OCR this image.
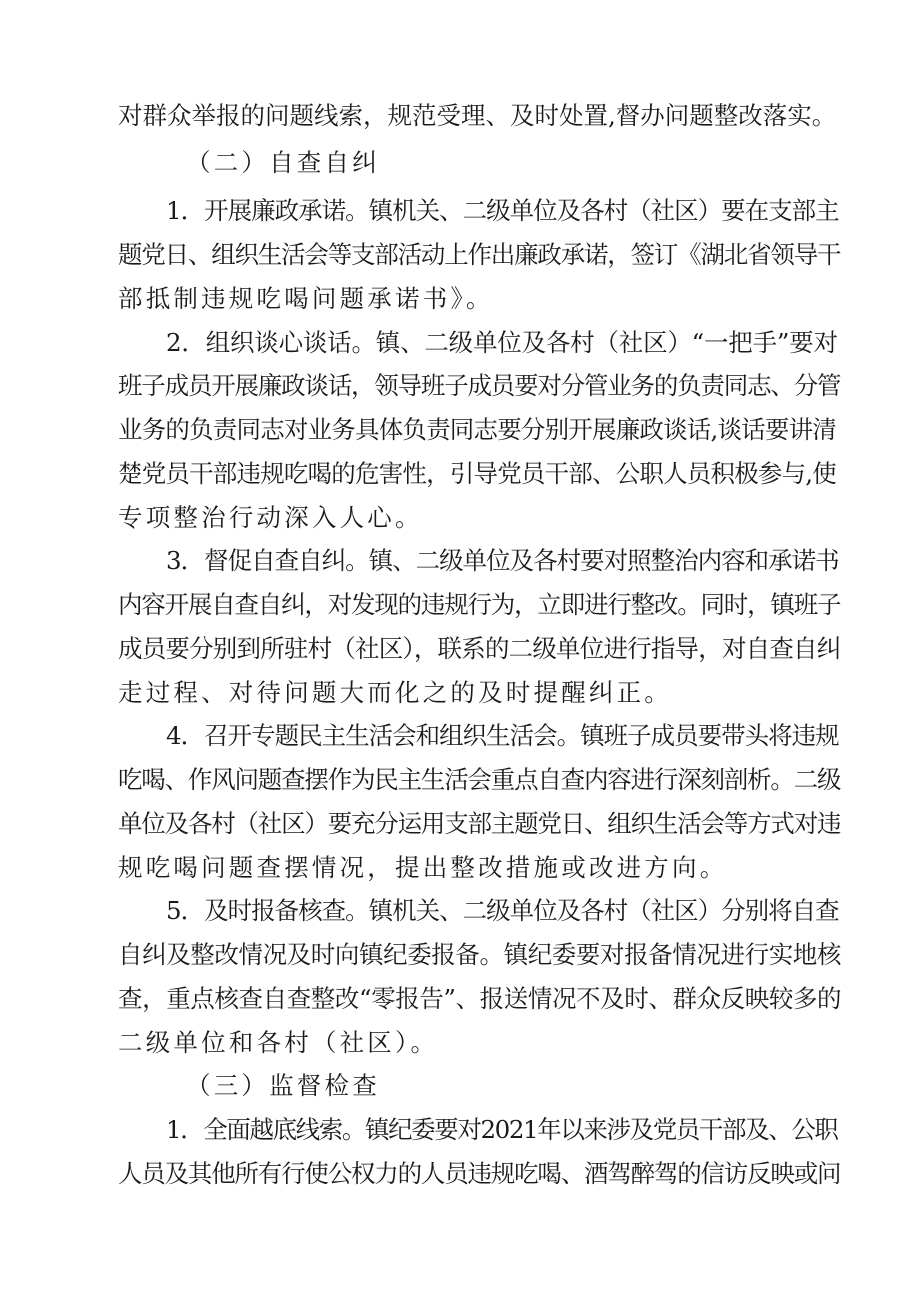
对群众举报的问题线索，规范受理、及时处置,督办问题整改落实。
（二）自查自纠
1．开展廉政承诺。镇机关、二级单位及各村（社区）要在支部主
题党日、组织生活会等支部活动上作出廉政承诺，签订《湖北省领导干
部抵制违规吃喝问题承诺书》。
2．组织谈心谈话。镇、二级单位及各村（社区）“一把手”要对
班子成员开展廉政谈话，领导班子成员要对分管业务的负责同志、分管
业务的负责同志对业务具体负责同志要分别开展廉政谈话,谈话要讲清
楚党员干部违规吃喝的危害性，引导党员干部、公职人员积极参与,使
专项整治行动深入人心。
3．督促自查自纠。镇、二级单位及各村要对照整治内容和承诺书
内容开展自查自纠，对发现的违规行为，立即进行整改。同时，镇班子
成员要分别到所驻村（社区），联系的二级单位进行指导，对自查自纠
走过程、对待问题大而化之的及时提醒纠正。
4．召开专题民主生活会和组织生活会。镇班子成员要带头将违规
吃喝、作风问题查摆作为民主生活会重点自查内容进行深刻剖析。二级
单位及各村（社区）要充分运用支部主题党日、组织生活会等方式对违
规吃喝问题查摆情况，提出整改措施或改进方向。
5．及时报备核查。镇机关、二级单位及各村（社区）分别将自查
自纠及整改情况及时向镇纪委报备。镇纪委要对报备情况进行实地核
查，重点核查自查整改“零报告”、报送情况不及时、群众反映较多的
二级单位和各村（社区）。
（三）监督检查
1．全面越底线索。镇纪委要对2021年以来涉及党员干部及、公职
人员及其他所有行使公权力的人员违规吃喝、酒驾醉驾的信访反映或问
